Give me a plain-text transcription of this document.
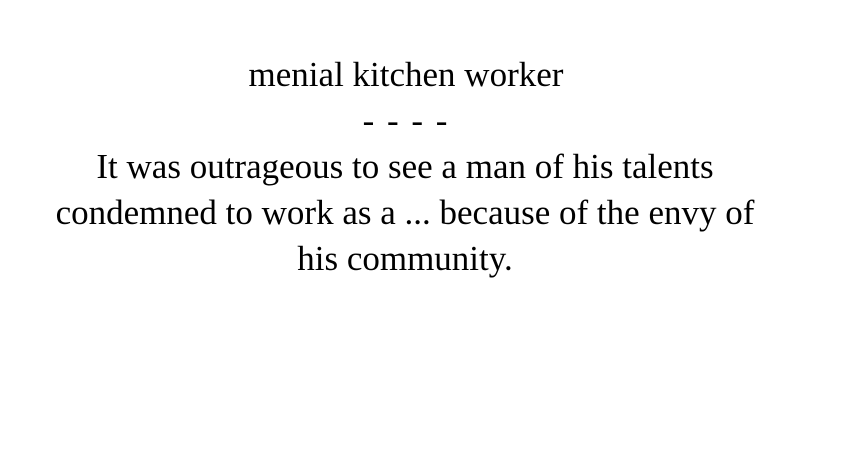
menial kitchen worker
- - - -
It was outrageous to see a man of his talents condemned to work as a ... because of the envy of his community.
